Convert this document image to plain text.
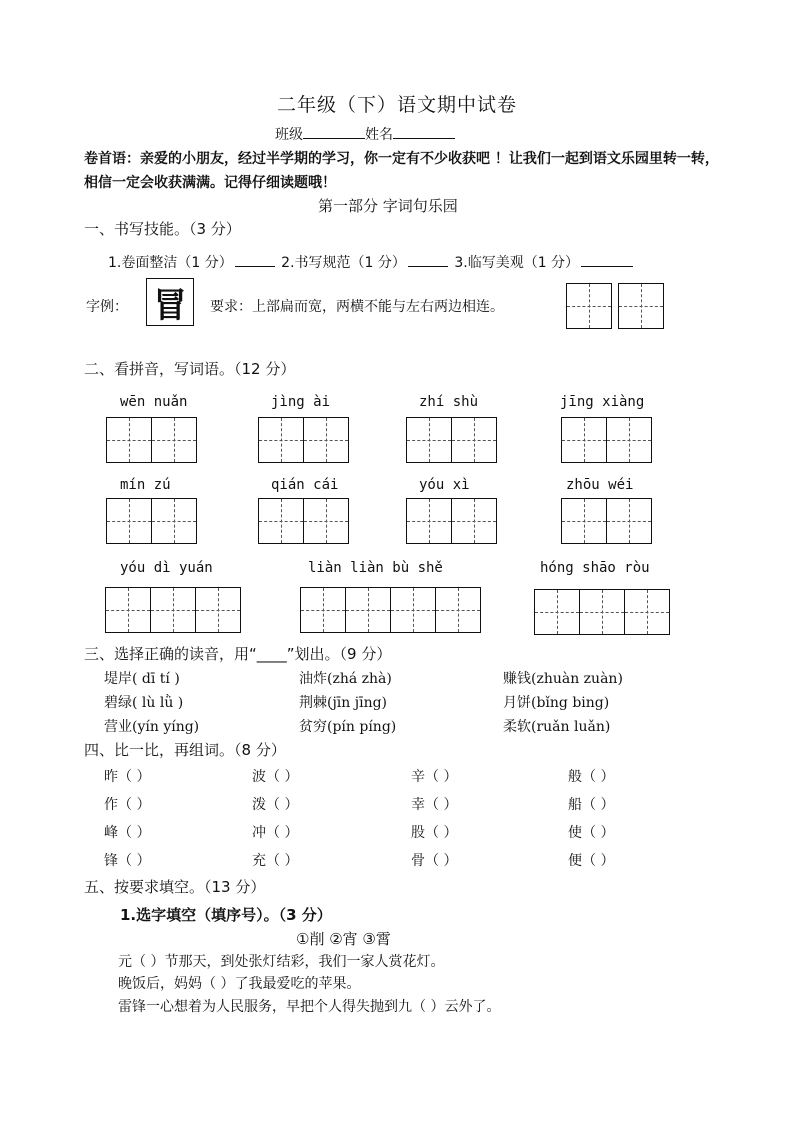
二年级（下）语文期中试卷
班级	姓名
卷首语：亲爱的小朋友，经过半学期的学习，你一定有不少收获吧 ！让我们一起到语文乐园里转一转，相信一定会收获满满。记得仔细读题哦！
第一部分 字词句乐园
一、书写技能。（3 分）
1.卷面整洁（1 分）	2.书写规范（1 分）	3.临写美观（1 分）
字例： 冒 要求：上部扁而宽，两横不能与左右两边相连。
二、看拼音，写词语。（12 分）
wēn nuǎn	jìng ài	zhí shù	jīng xiàng
mín zú	qián cái	yóu xì	zhōu wéi
yóu dì yuán	liàn liàn bù shě	hóng shāo ròu
三、选择正确的读音，用“____”划出。（9 分）
堤岸( dī tí )	油炸(zhá zhà)	赚钱(zhuàn zuàn)
碧绿( lù lǜ )	荆棘(jīn jīng)	月饼(bǐng bing)
营业(yín yíng)	贫穷(pín píng)	柔软(ruǎn luǎn)
四、比一比，再组词。（8 分）
昨（ ）	波（ ）	辛（ ）	般（ ）
作（ ）	泼（ ）	幸（ ）	船（ ）
峰（ ）	冲（ ）	股（ ）	使（ ）
锋（ ）	充（ ）	骨（ ）	便（ ）
五、按要求填空。（13 分）
1.选字填空（填序号）。（3 分）
①削 ②宵 ③霄
元（ ）节那天，到处张灯结彩，我们一家人赏花灯。
晚饭后，妈妈（ ）了我最爱吃的苹果。
雷锋一心想着为人民服务，早把个人得失抛到九（ ）云外了。
